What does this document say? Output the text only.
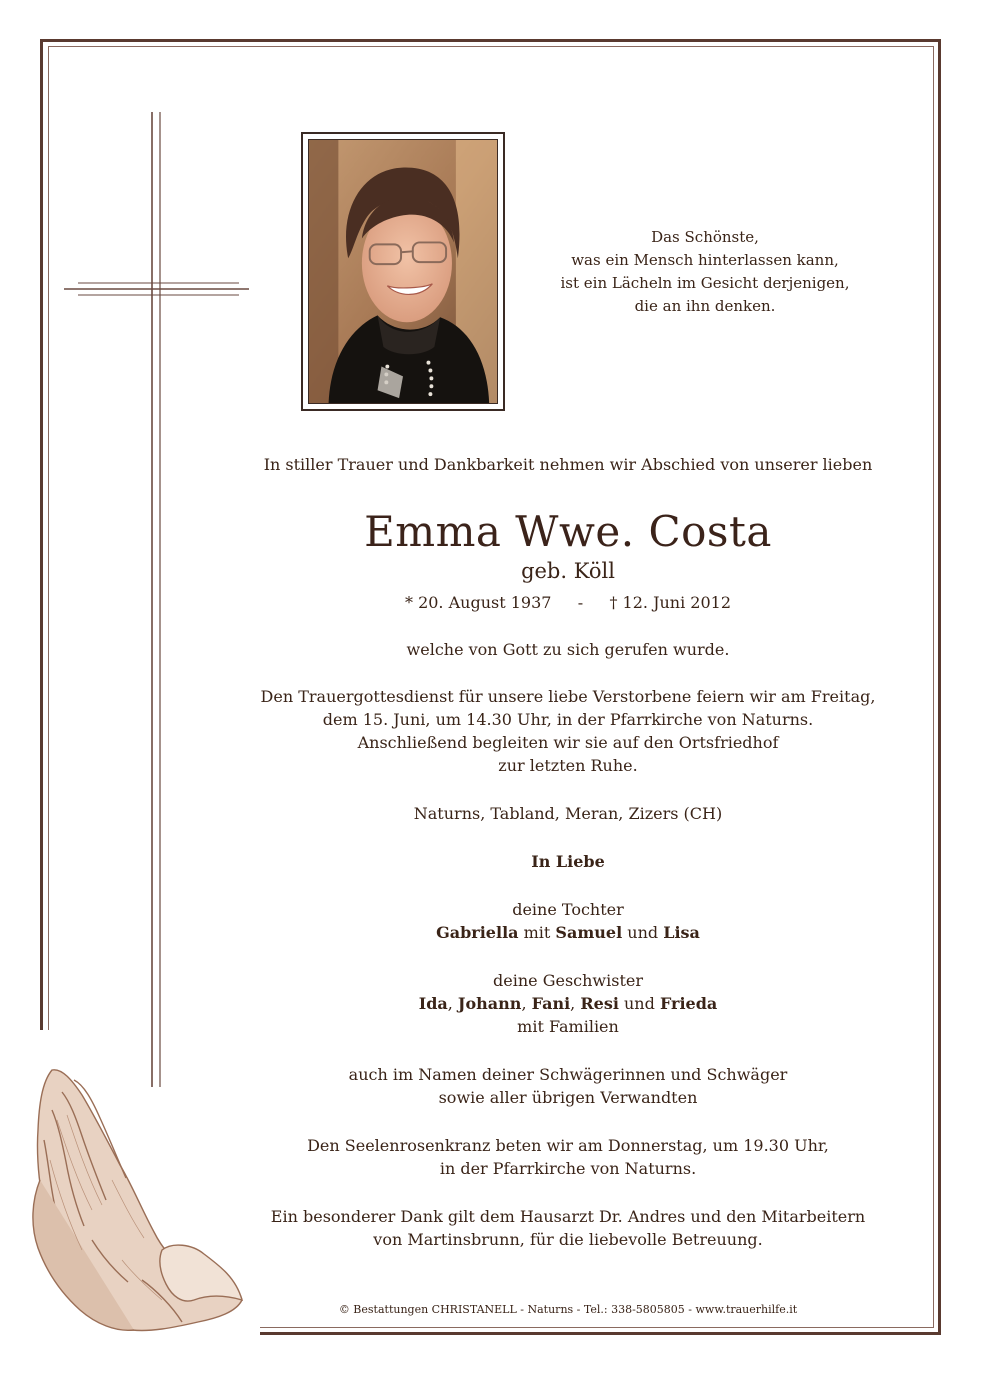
Das Schönste,
was ein Mensch hinterlassen kann,
ist ein Lächeln im Gesicht derjenigen,
die an ihn denken.
In stiller Trauer und Dankbarkeit nehmen wir Abschied von unserer lieben
Emma Wwe. Costa
geb. Köll
* 20. August 1937 - † 12. Juni 2012
welche von Gott zu sich gerufen wurde.
Den Trauergottesdienst für unsere liebe Verstorbene feiern wir am Freitag,
dem 15. Juni, um 14.30 Uhr, in der Pfarrkirche von Naturns.
Anschließend begleiten wir sie auf den Ortsfriedhof
zur letzten Ruhe.
Naturns, Tabland, Meran, Zizers (CH)
In Liebe
deine Tochter
Gabriella mit Samuel und Lisa
deine Geschwister
Ida, Johann, Fani, Resi und Frieda
mit Familien
auch im Namen deiner Schwägerinnen und Schwäger
sowie aller übrigen Verwandten
Den Seelenrosenkranz beten wir am Donnerstag, um 19.30 Uhr,
in der Pfarrkirche von Naturns.
Ein besonderer Dank gilt dem Hausarzt Dr. Andres und den Mitarbeitern
von Martinsbrunn, für die liebevolle Betreuung.
© Bestattungen CHRISTANELL - Naturns - Tel.: 338-5805805 - www.trauerhilfe.it
